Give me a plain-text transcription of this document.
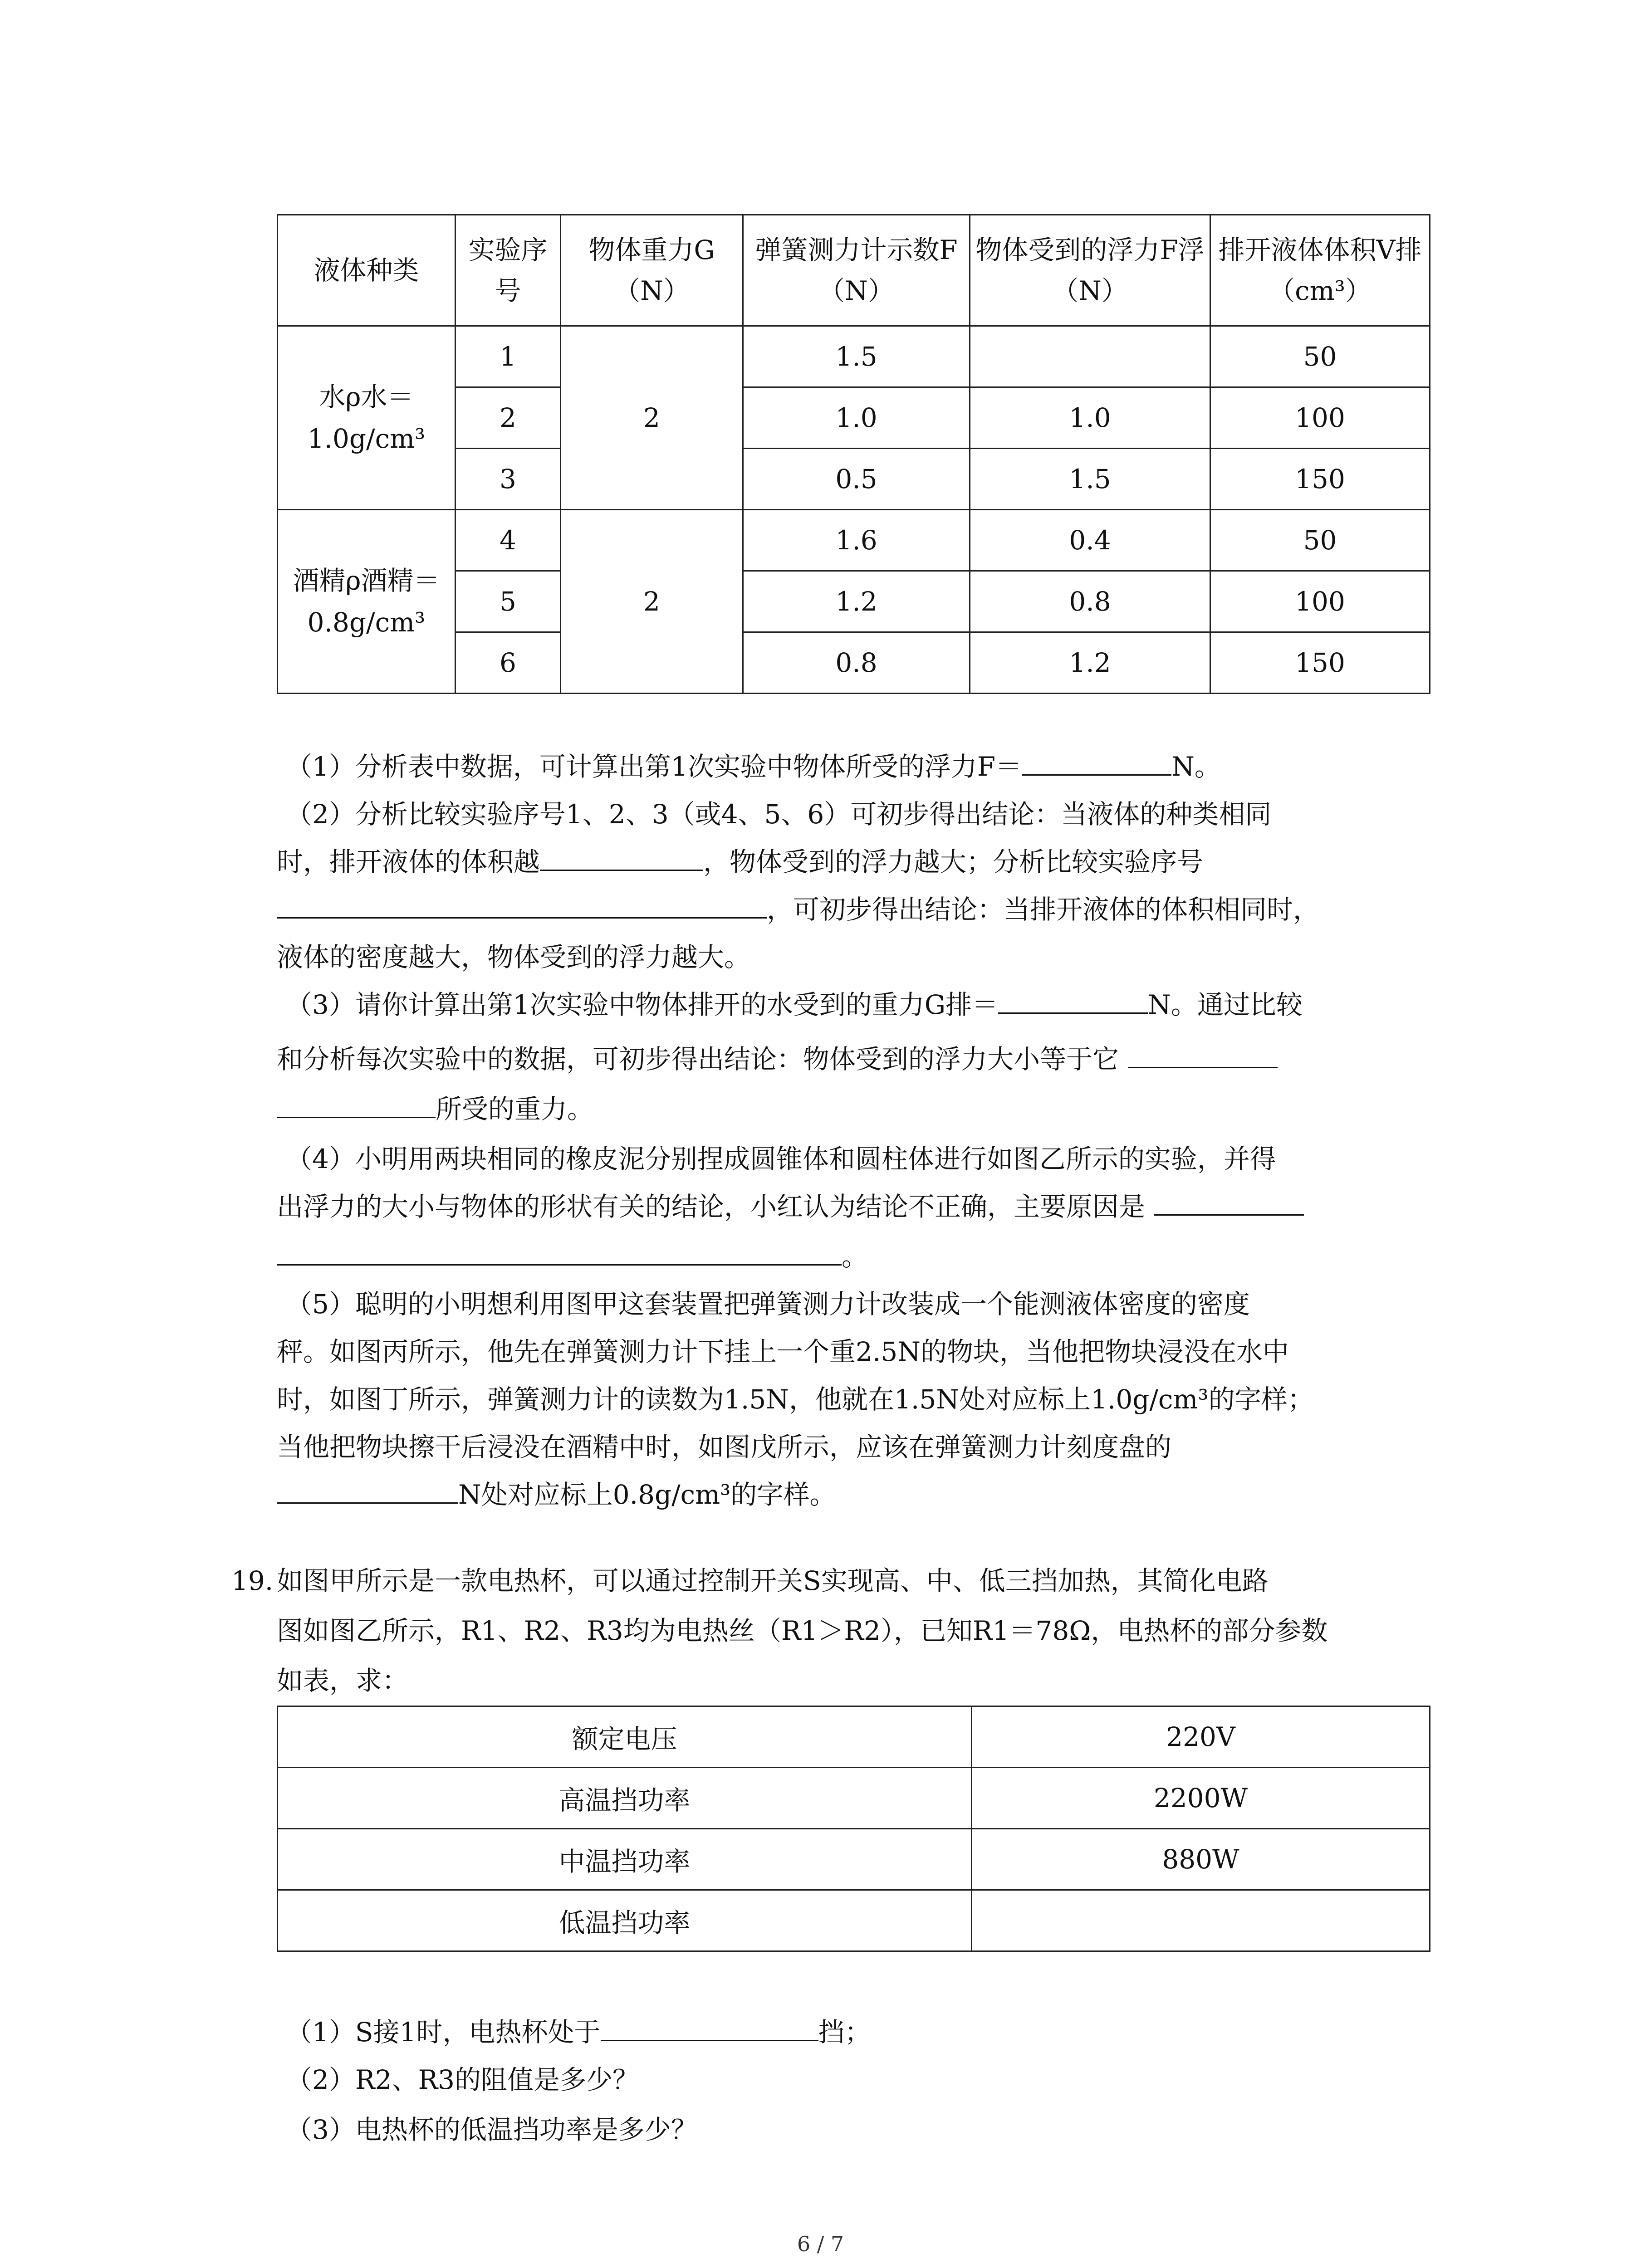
液体种类	实验序号	物体重力G（N）	弹簧测力计示数F（N）	物体受到的浮力F浮（N）	排开液体体积V排（cm³）
水ρ水＝1.0g/cm³	1	2	1.5		50
	2		1.0	1.0	100
	3		0.5	1.5	150
酒精ρ酒精＝0.8g/cm³	4	2	1.6	0.4	50
	5		1.2	0.8	100
	6		0.8	1.2	150
（1）分析表中数据，可计算出第1次实验中物体所受的浮力F＝	N。
（2）分析比较实验序号1、2、3（或4、5、6）可初步得出结论：当液体的种类相同
时，排开液体的体积越	，物体受到的浮力越大；分析比较实验序号
，可初步得出结论：当排开液体的体积相同时，
液体的密度越大，物体受到的浮力越大。
（3）请你计算出第1次实验中物体排开的水受到的重力G排＝	N。通过比较
和分析每次实验中的数据，可初步得出结论：物体受到的浮力大小等于它
所受的重力。
（4）小明用两块相同的橡皮泥分别捏成圆锥体和圆柱体进行如图乙所示的实验，并得
出浮力的大小与物体的形状有关的结论，小红认为结论不正确，主要原因是
。
（5）聪明的小明想利用图甲这套装置把弹簧测力计改装成一个能测液体密度的密度
秤。如图丙所示，他先在弹簧测力计下挂上一个重2.5N的物块，当他把物块浸没在水中
时，如图丁所示，弹簧测力计的读数为1.5N，他就在1.5N处对应标上1.0g/cm³的字样；
当他把物块擦干后浸没在酒精中时，如图戊所示，应该在弹簧测力计刻度盘的
N处对应标上0.8g/cm³的字样。
19. 如图甲所示是一款电热杯，可以通过控制开关S实现高、中、低三挡加热，其简化电路
图如图乙所示，R1、R2、R3均为电热丝（R1＞R2），已知R1＝78Ω，电热杯的部分参数
如表，求：
额定电压	220V
高温挡功率	2200W
中温挡功率	880W
低温挡功率	
（1）S接1时，电热杯处于	挡；
（2）R2、R3的阻值是多少？
（3）电热杯的低温挡功率是多少？
6 / 7
